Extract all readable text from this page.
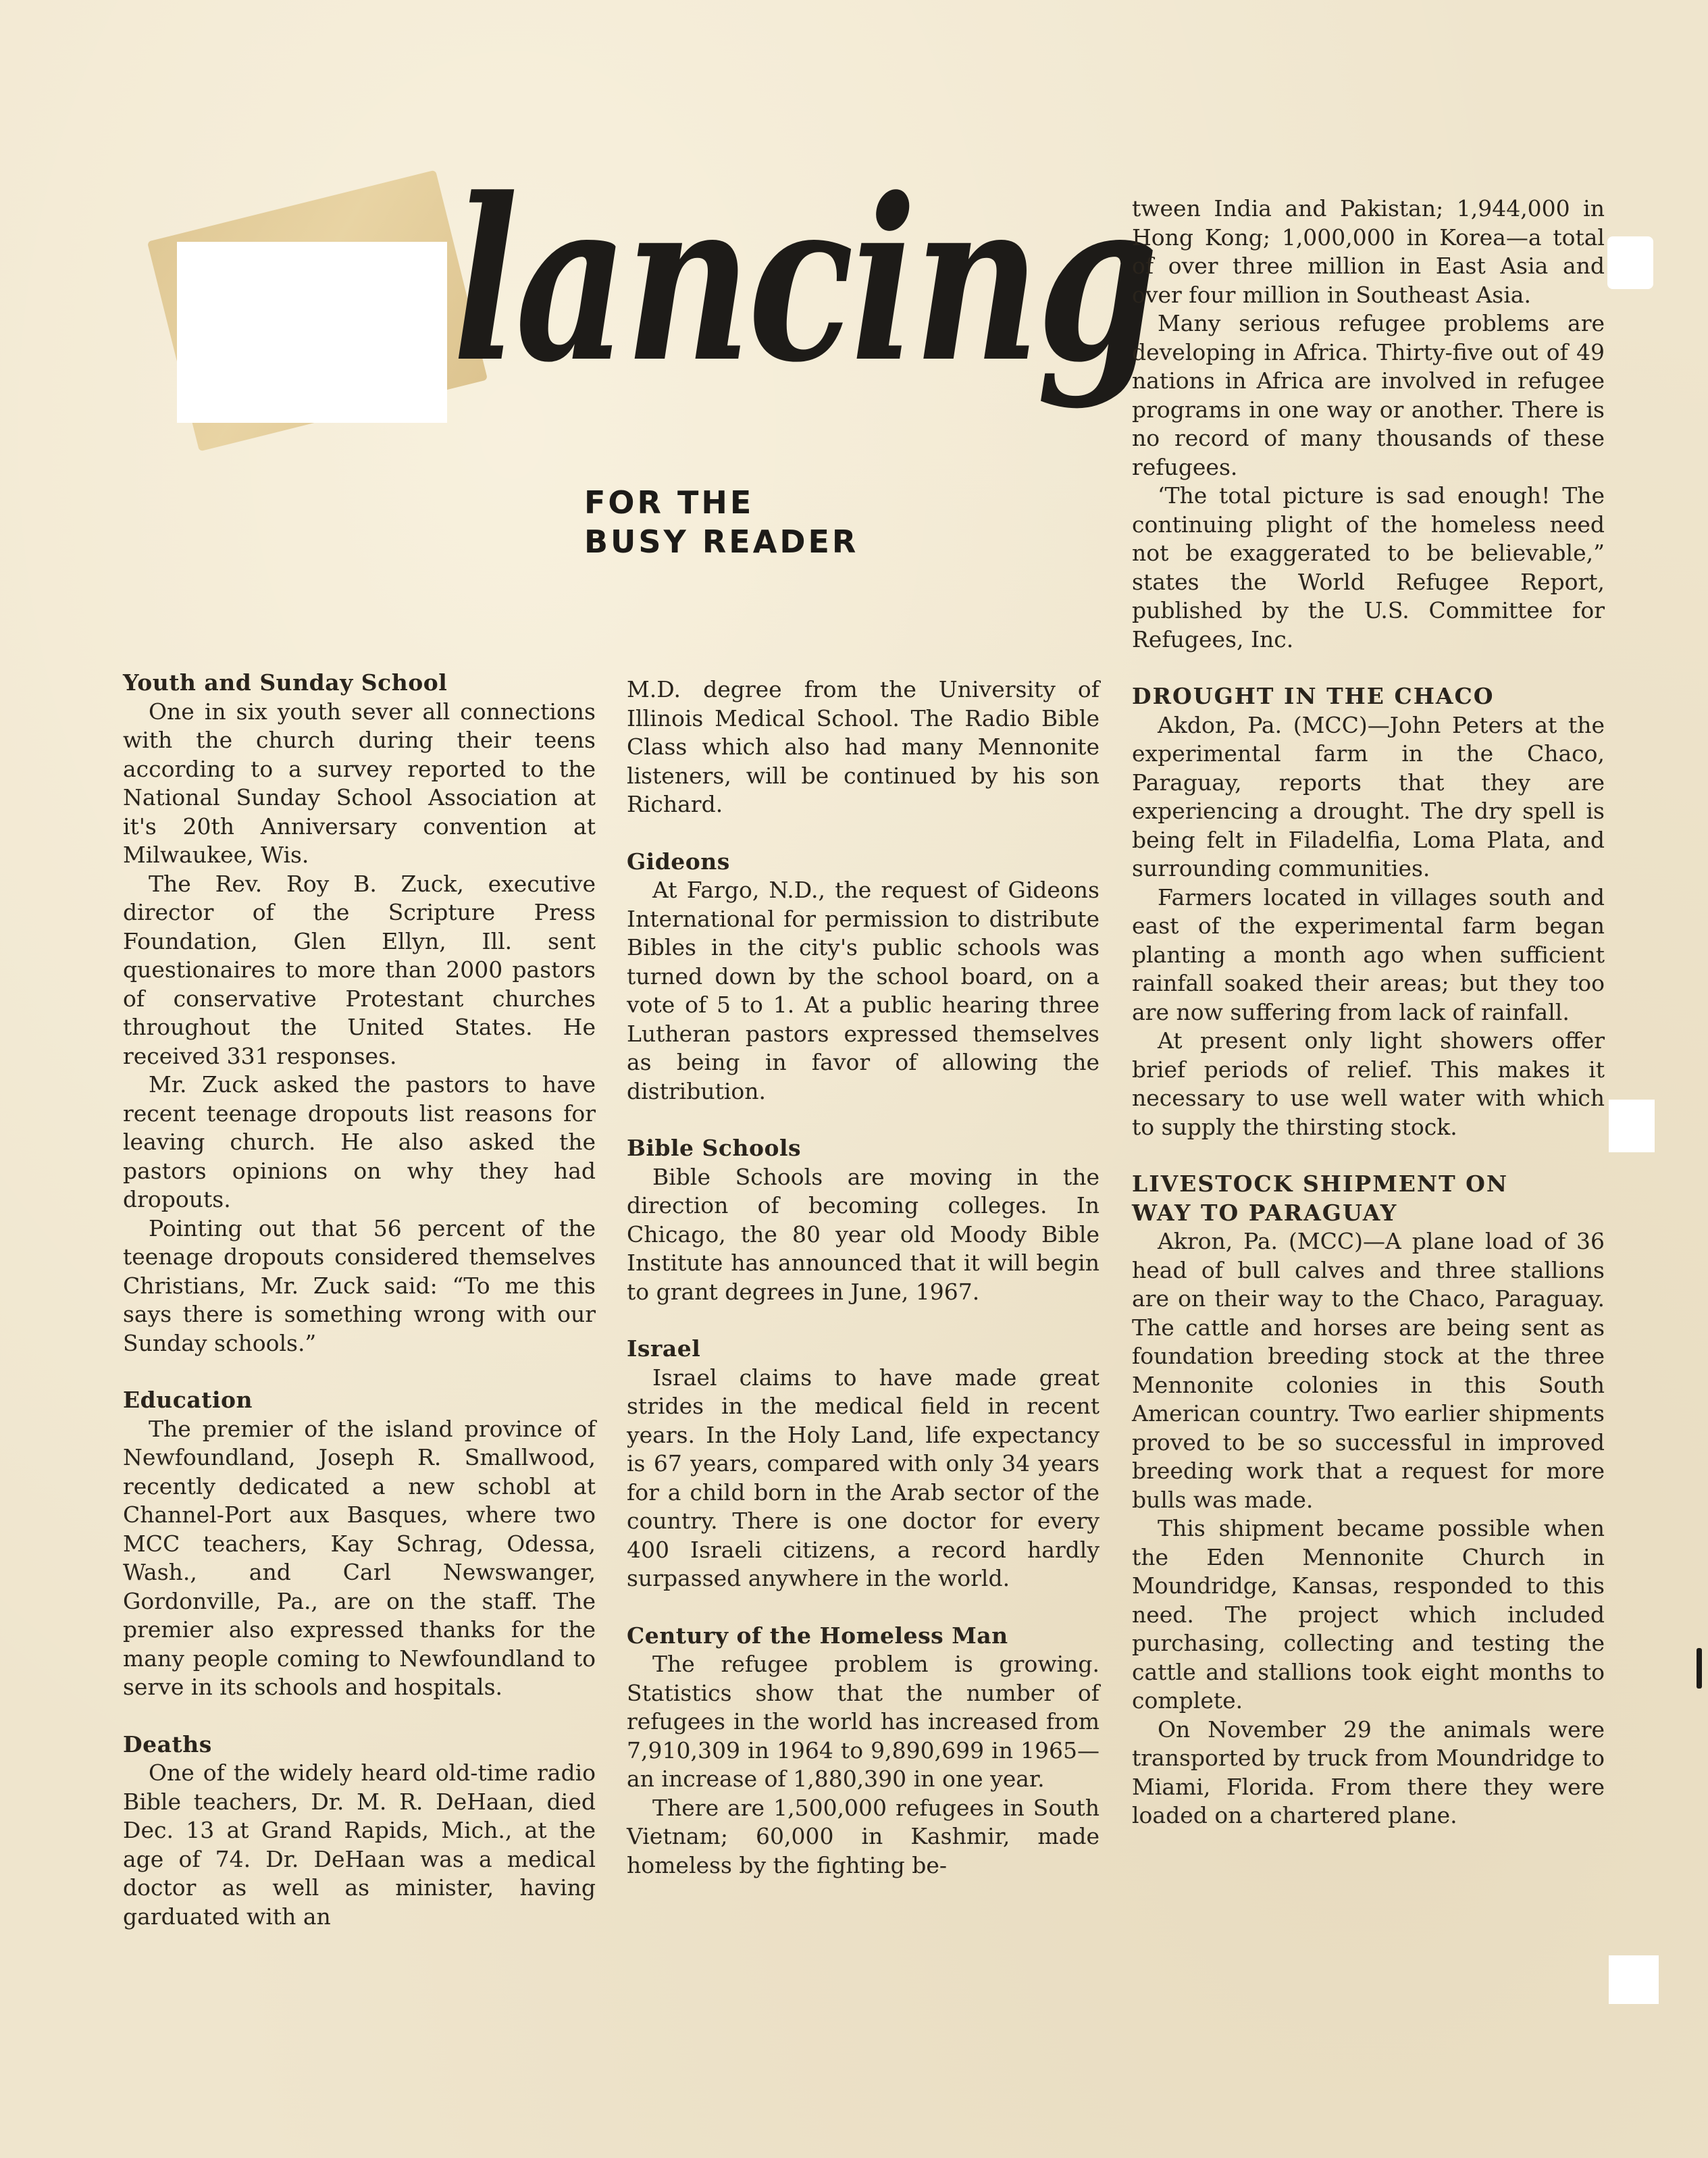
lancing
FOR THE
BUSY READER
Youth and Sunday School

One in six youth sever all connections with the church during their teens according to a survey reported to the National Sunday School Association at it's 20th Anniversary convention at Milwaukee, Wis.

The Rev. Roy B. Zuck, executive director of the Scripture Press Foundation, Glen Ellyn, Ill. sent questionaires to more than 2000 pastors of conservative Protestant churches throughout the United States. He received 331 responses.

Mr. Zuck asked the pastors to have recent teenage dropouts list reasons for leaving church. He also asked the pastors opinions on why they had dropouts.

Pointing out that 56 percent of the teenage dropouts considered themselves Christians, Mr. Zuck said: “To me this says there is something wrong with our Sunday schools.”

Education

The premier of the island province of Newfoundland, Joseph R. Smallwood, recently dedicated a new schobl at Channel-Port aux Basques, where two MCC teachers, Kay Schrag, Odessa, Wash., and Carl Newswanger, Gordonville, Pa., are on the staff. The premier also expressed thanks for the many people coming to Newfoundland to serve in its schools and hospitals.

Deaths

One of the widely heard old-time radio Bible teachers, Dr. M. R. DeHaan, died Dec. 13 at Grand Rapids, Mich., at the age of 74. Dr. DeHaan was a medical doctor as well as minister, having garduated with an

M.D. degree from the University of Illinois Medical School. The Radio Bible Class which also had many Mennonite listeners, will be continued by his son Richard.

Gideons

At Fargo, N.D., the request of Gideons International for permission to distribute Bibles in the city's public schools was turned down by the school board, on a vote of 5 to 1. At a public hearing three Lutheran pastors expressed themselves as being in favor of allowing the distribution.

Bible Schools

Bible Schools are moving in the direction of becoming colleges. In Chicago, the 80 year old Moody Bible Institute has announced that it will begin to grant degrees in June, 1967.

Israel

Israel claims to have made great strides in the medical field in recent years. In the Holy Land, life expectancy is 67 years, compared with only 34 years for a child born in the Arab sector of the country. There is one doctor for every 400 Israeli citizens, a record hardly surpassed anywhere in the world.

Century of the Homeless Man

The refugee problem is growing. Statistics show that the number of refugees in the world has increased from 7,910,309 in 1964 to 9,890,699 in 1965—an increase of 1,880,390 in one year.

There are 1,500,000 refugees in South Vietnam; 60,000 in Kashmir, made homeless by the fighting be-

tween India and Pakistan; 1,944,000 in Hong Kong; 1,000,000 in Korea—a total of over three million in East Asia and over four million in Southeast Asia.

Many serious refugee problems are developing in Africa. Thirty-five out of 49 nations in Africa are involved in refugee programs in one way or another. There is no record of many thousands of these refugees.

‘The total picture is sad enough! The continuing plight of the homeless need not be exaggerated to be believable,” states the World Refugee Report, published by the U.S. Committee for Refugees, Inc.

DROUGHT IN THE CHACO

Akdon, Pa. (MCC)—John Peters at the experimental farm in the Chaco, Paraguay, reports that they are experiencing a drought. The dry spell is being felt in Filadelfia, Loma Plata, and surrounding communities.

Farmers located in villages south and east of the experimental farm began planting a month ago when sufficient rainfall soaked their areas; but they too are now suffering from lack of rainfall.

At present only light showers offer brief periods of relief. This makes it necessary to use well water with which to supply the thirsting stock.

LIVESTOCK SHIPMENT ON
WAY TO PARAGUAY

Akron, Pa. (MCC)—A plane load of 36 head of bull calves and three stallions are on their way to the Chaco, Paraguay. The cattle and horses are being sent as foundation breeding stock at the three Mennonite colonies in this South American country. Two earlier shipments proved to be so successful in improved breeding work that a request for more bulls was made.

This shipment became possible when the Eden Mennonite Church in Moundridge, Kansas, responded to this need. The project which included purchasing, collecting and testing the cattle and stallions took eight months to complete.

On November 29 the animals were transported by truck from Moundridge to Miami, Florida. From there they were loaded on a chartered plane.
